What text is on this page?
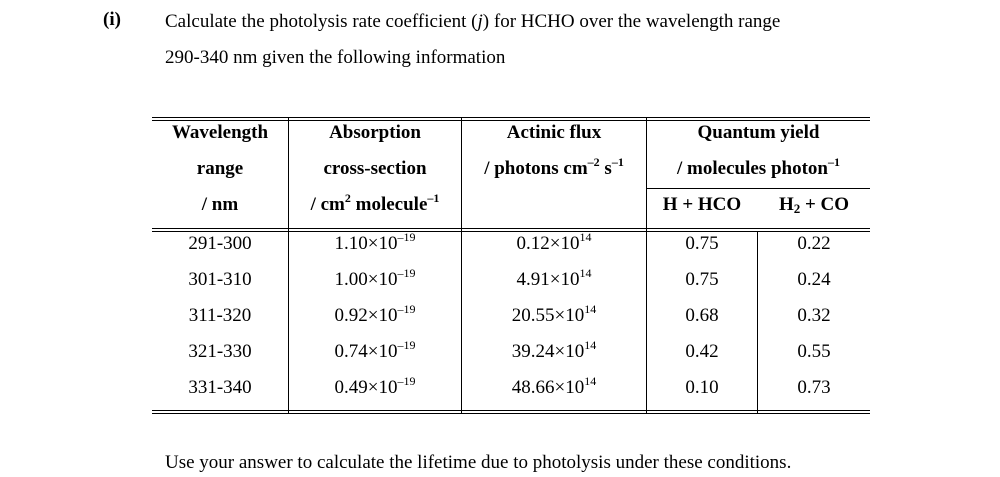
(i) Calculate the photolysis rate coefficient (j) for HCHO over the wavelength range
290-340 nm given the following information
Wavelength
range
/ nm
Absorption
cross-section
/ $cm^2$ molecule$^{-1}$
Actinic flux
/ photons $cm^{-2}$ $s^{-1}$
Quantum yield
/ molecules photon$^{-1}$
H + HCO	$H_2$ + CO
291-300	$1.10\times 10^{-19}$	$0.12\times 10^{14}$	0.75	0.22
301-310	$1.00\times 10^{-19}$	$4.91\times 10^{14}$	0.75	0.24
311-320	$0.92\times 10^{-19}$	$20.55\times 10^{14}$	0.68	0.32
321-330	$0.74\times 10^{-19}$	$39.24\times 10^{14}$	0.42	0.55
331-340	$0.49\times 10^{-19}$	$48.66\times 10^{14}$	0.10	0.73
Use your answer to calculate the lifetime due to photolysis under these conditions.
